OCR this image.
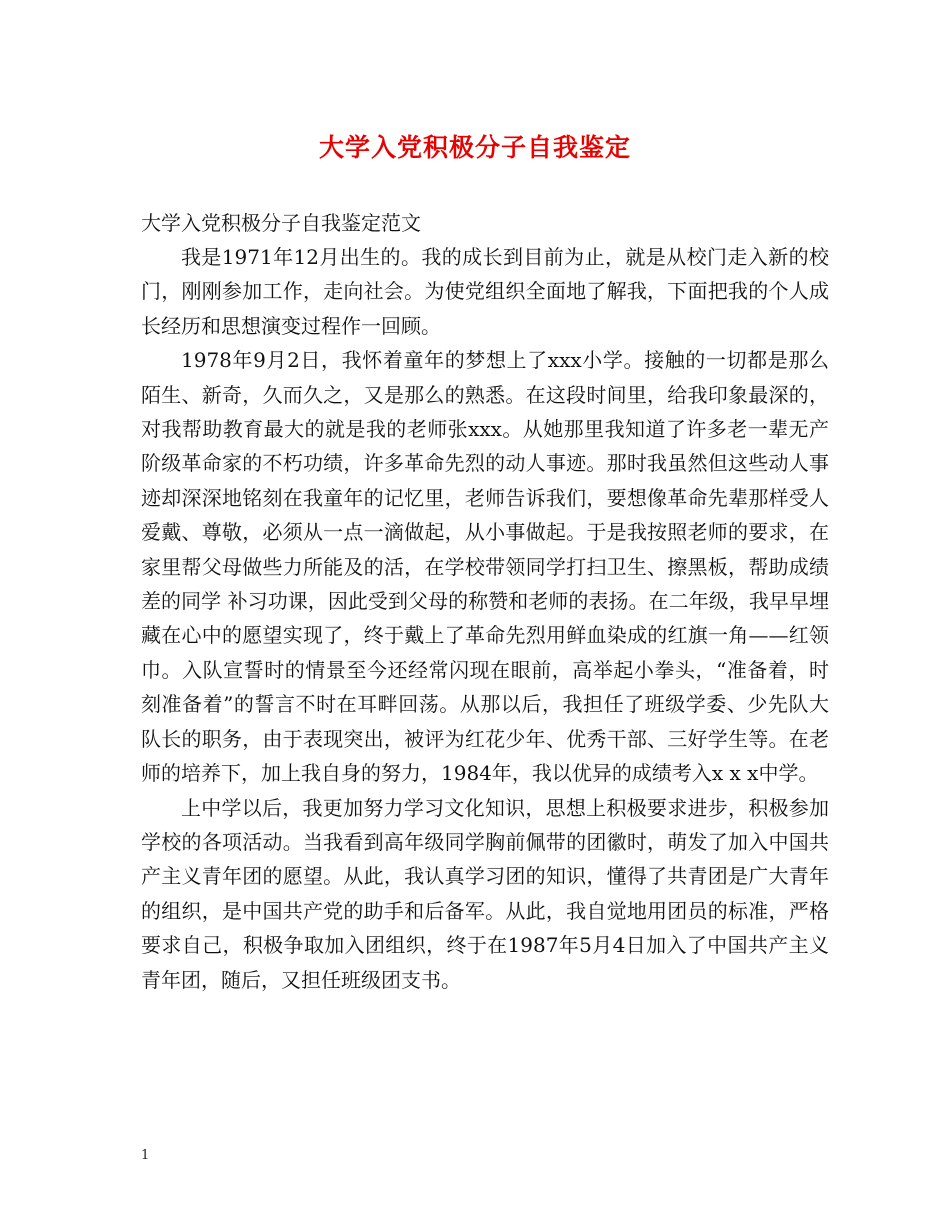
大学入党积极分子自我鉴定
大学入党积极分子自我鉴定范文

我是1971年12月出生的。我的成长到目前为止，就是从校门走入新的校门，刚刚参加工作，走向社会。为使党组织全面地了解我，下面把我的个人成长经历和思想演变过程作一回顾。

1978年9月2日，我怀着童年的梦想上了xxx小学。接触的一切都是那么陌生、新奇，久而久之，又是那么的熟悉。在这段时间里，给我印象最深的，对我帮助教育最大的就是我的老师张xxx。从她那里我知道了许多老一辈无产阶级革命家的不朽功绩，许多革命先烈的动人事迹。那时我虽然但这些动人事迹却深深地铭刻在我童年的记忆里，老师告诉我们，要想像革命先辈那样受人爱戴、尊敬，必须从一点一滴做起，从小事做起。于是我按照老师的要求，在家里帮父母做些力所能及的活，在学校带领同学打扫卫生、擦黑板，帮助成绩差的同学 补习功课，因此受到父母的称赞和老师的表扬。在二年级，我早早埋藏在心中的愿望实现了，终于戴上了革命先烈用鲜血染成的红旗一角——红领巾。入队宣誓时的情景至今还经常闪现在眼前，高举起小拳头，“准备着，时刻准备着”的誓言不时在耳畔回荡。从那以后，我担任了班级学委、少先队大队长的职务，由于表现突出，被评为红花少年、优秀干部、三好学生等。在老师的培养下，加上我自身的努力，1984年，我以优异的成绩考入x x x中学。

上中学以后，我更加努力学习文化知识，思想上积极要求进步，积极参加学校的各项活动。当我看到高年级同学胸前佩带的团徽时，萌发了加入中国共产主义青年团的愿望。从此，我认真学习团的知识，懂得了共青团是广大青年的组织，是中国共产党的助手和后备军。从此，我自觉地用团员的标准，严格要求自己，积极争取加入团组织，终于在1987年5月4日加入了中国共产主义青年团，随后，又担任班级团支书。

1
